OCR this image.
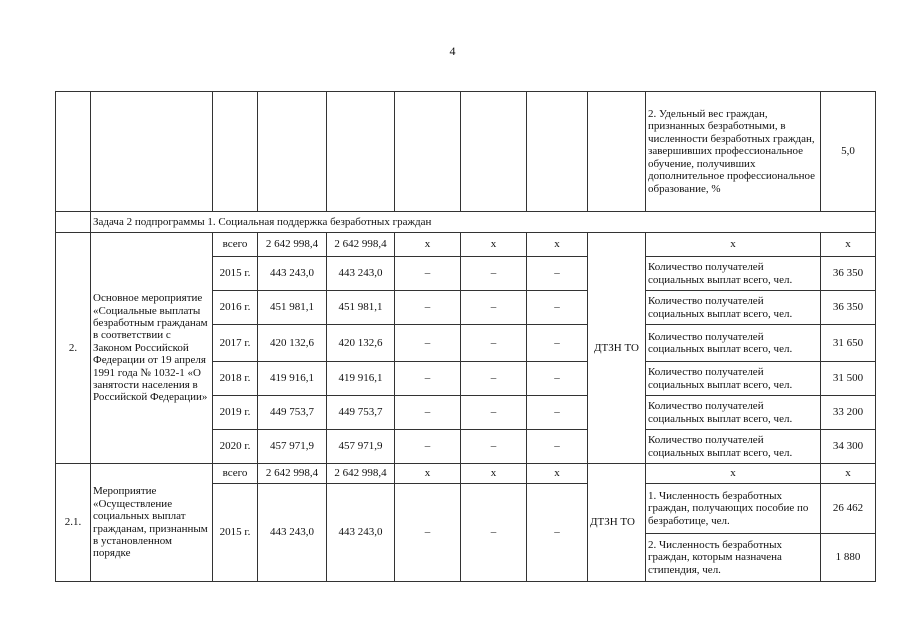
4
									2. Удельный вес граждан, признанных безработными, в численности безработных граждан, завершивших профессиональное обучение, получивших дополнительное профессиональное образование, %	5,0
	Задача 2 подпрограммы 1. Социальная поддержка безработных граждан									
2.	Основное мероприятие «Социальные выплаты безработным гражданам в соответствии с Законом Российской Федерации от 19 апреля 1991 года № 1032-1 «О занятости населения в Российской Федерации»	всего	2 642 998,4	2 642 998,4	х	х	х	ДТЗН ТО	х	х
		2015 г.	443 243,0	443 243,0	–	–	–		Количество получателей социальных выплат всего, чел.	36 350
		2016 г.	451 981,1	451 981,1	–	–	–		Количество получателей социальных выплат всего, чел.	36 350
		2017 г.	420 132,6	420 132,6	–	–	–		Количество получателей социальных выплат всего, чел.	31 650
		2018 г.	419 916,1	419 916,1	–	–	–		Количество получателей социальных выплат всего, чел.	31 500
		2019 г.	449 753,7	449 753,7	–	–	–		Количество получателей социальных выплат всего, чел.	33 200
		2020 г.	457 971,9	457 971,9	–	–	–		Количество получателей социальных выплат всего, чел.	34 300
2.1.	Мероприятие «Осуществление социальных выплат гражданам, признанным в установленном порядке	всего	2 642 998,4	2 642 998,4	х	х	х	ДТЗН ТО	х	х
		2015 г.	443 243,0	443 243,0	–	–	–		1. Численность безработных граждан, получающих пособие по безработице, чел.	26 462
									2. Численность безработных граждан, которым назначена стипендия, чел.	1 880
